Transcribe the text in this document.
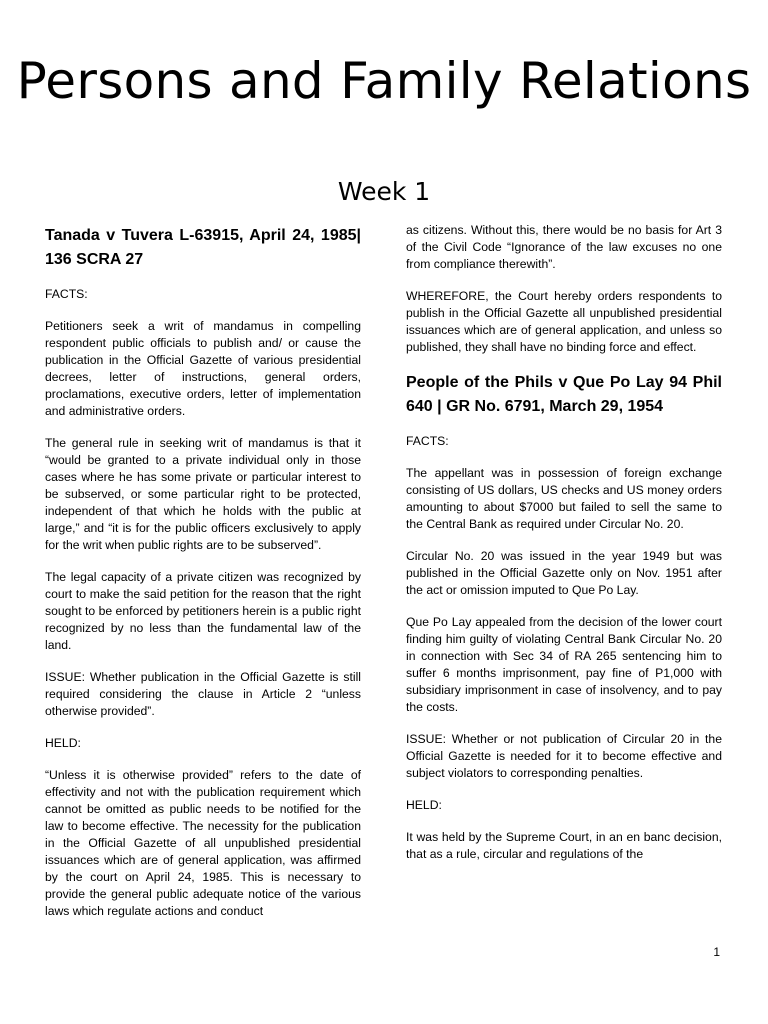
Persons and Family Relations
Week 1
Tanada v Tuvera L-63915, April 24, 1985| 136 SCRA 27

FACTS:

Petitioners seek a writ of mandamus in compelling respondent public officials to publish and/ or cause the publication in the Official Gazette of various presidential decrees, letter of instructions, general orders, proclamations, executive orders, letter of implementation and administrative orders.

The general rule in seeking writ of mandamus is that it “would be granted to a private individual only in those cases where he has some private or particular interest to be subserved, or some particular right to be protected, independent of that which he holds with the public at large,” and “it is for the public officers exclusively to apply for the writ when public rights are to be subserved”.

The legal capacity of a private citizen was recognized by court to make the said petition for the reason that the right sought to be enforced by petitioners herein is a public right recognized by no less than the fundamental law of the land.

ISSUE: Whether publication in the Official Gazette is still required considering the clause in Article 2 “unless otherwise provided”.

HELD:

“Unless it is otherwise provided” refers to the date of effectivity and not with the publication requirement which cannot be omitted as public needs to be notified for the law to become effective. The necessity for the publication in the Official Gazette of all unpublished presidential issuances which are of general application, was affirmed by the court on April 24, 1985. This is necessary to provide the general public adequate notice of the various laws which regulate actions and conduct

as citizens. Without this, there would be no basis for Art 3 of the Civil Code “Ignorance of the law excuses no one from compliance therewith”.

WHEREFORE, the Court hereby orders respondents to publish in the Official Gazette all unpublished presidential issuances which are of general application, and unless so published, they shall have no binding force and effect.

People of the Phils v Que Po Lay 94 Phil 640 | GR No. 6791, March 29, 1954

FACTS:

The appellant was in possession of foreign exchange consisting of US dollars, US checks and US money orders amounting to about $7000 but failed to sell the same to the Central Bank as required under Circular No. 20.

Circular No. 20 was issued in the year 1949 but was published in the Official Gazette only on Nov. 1951 after the act or omission imputed to Que Po Lay.

Que Po Lay appealed from the decision of the lower court finding him guilty of violating Central Bank Circular No. 20 in connection with Sec 34 of RA 265 sentencing him to suffer 6 months imprisonment, pay fine of P1,000 with subsidiary imprisonment in case of insolvency, and to pay the costs.

ISSUE: Whether or not publication of Circular 20 in the Official Gazette is needed for it to become effective and subject violators to corresponding penalties.

HELD:

It was held by the Supreme Court, in an en banc decision, that as a rule, circular and regulations of the

1
